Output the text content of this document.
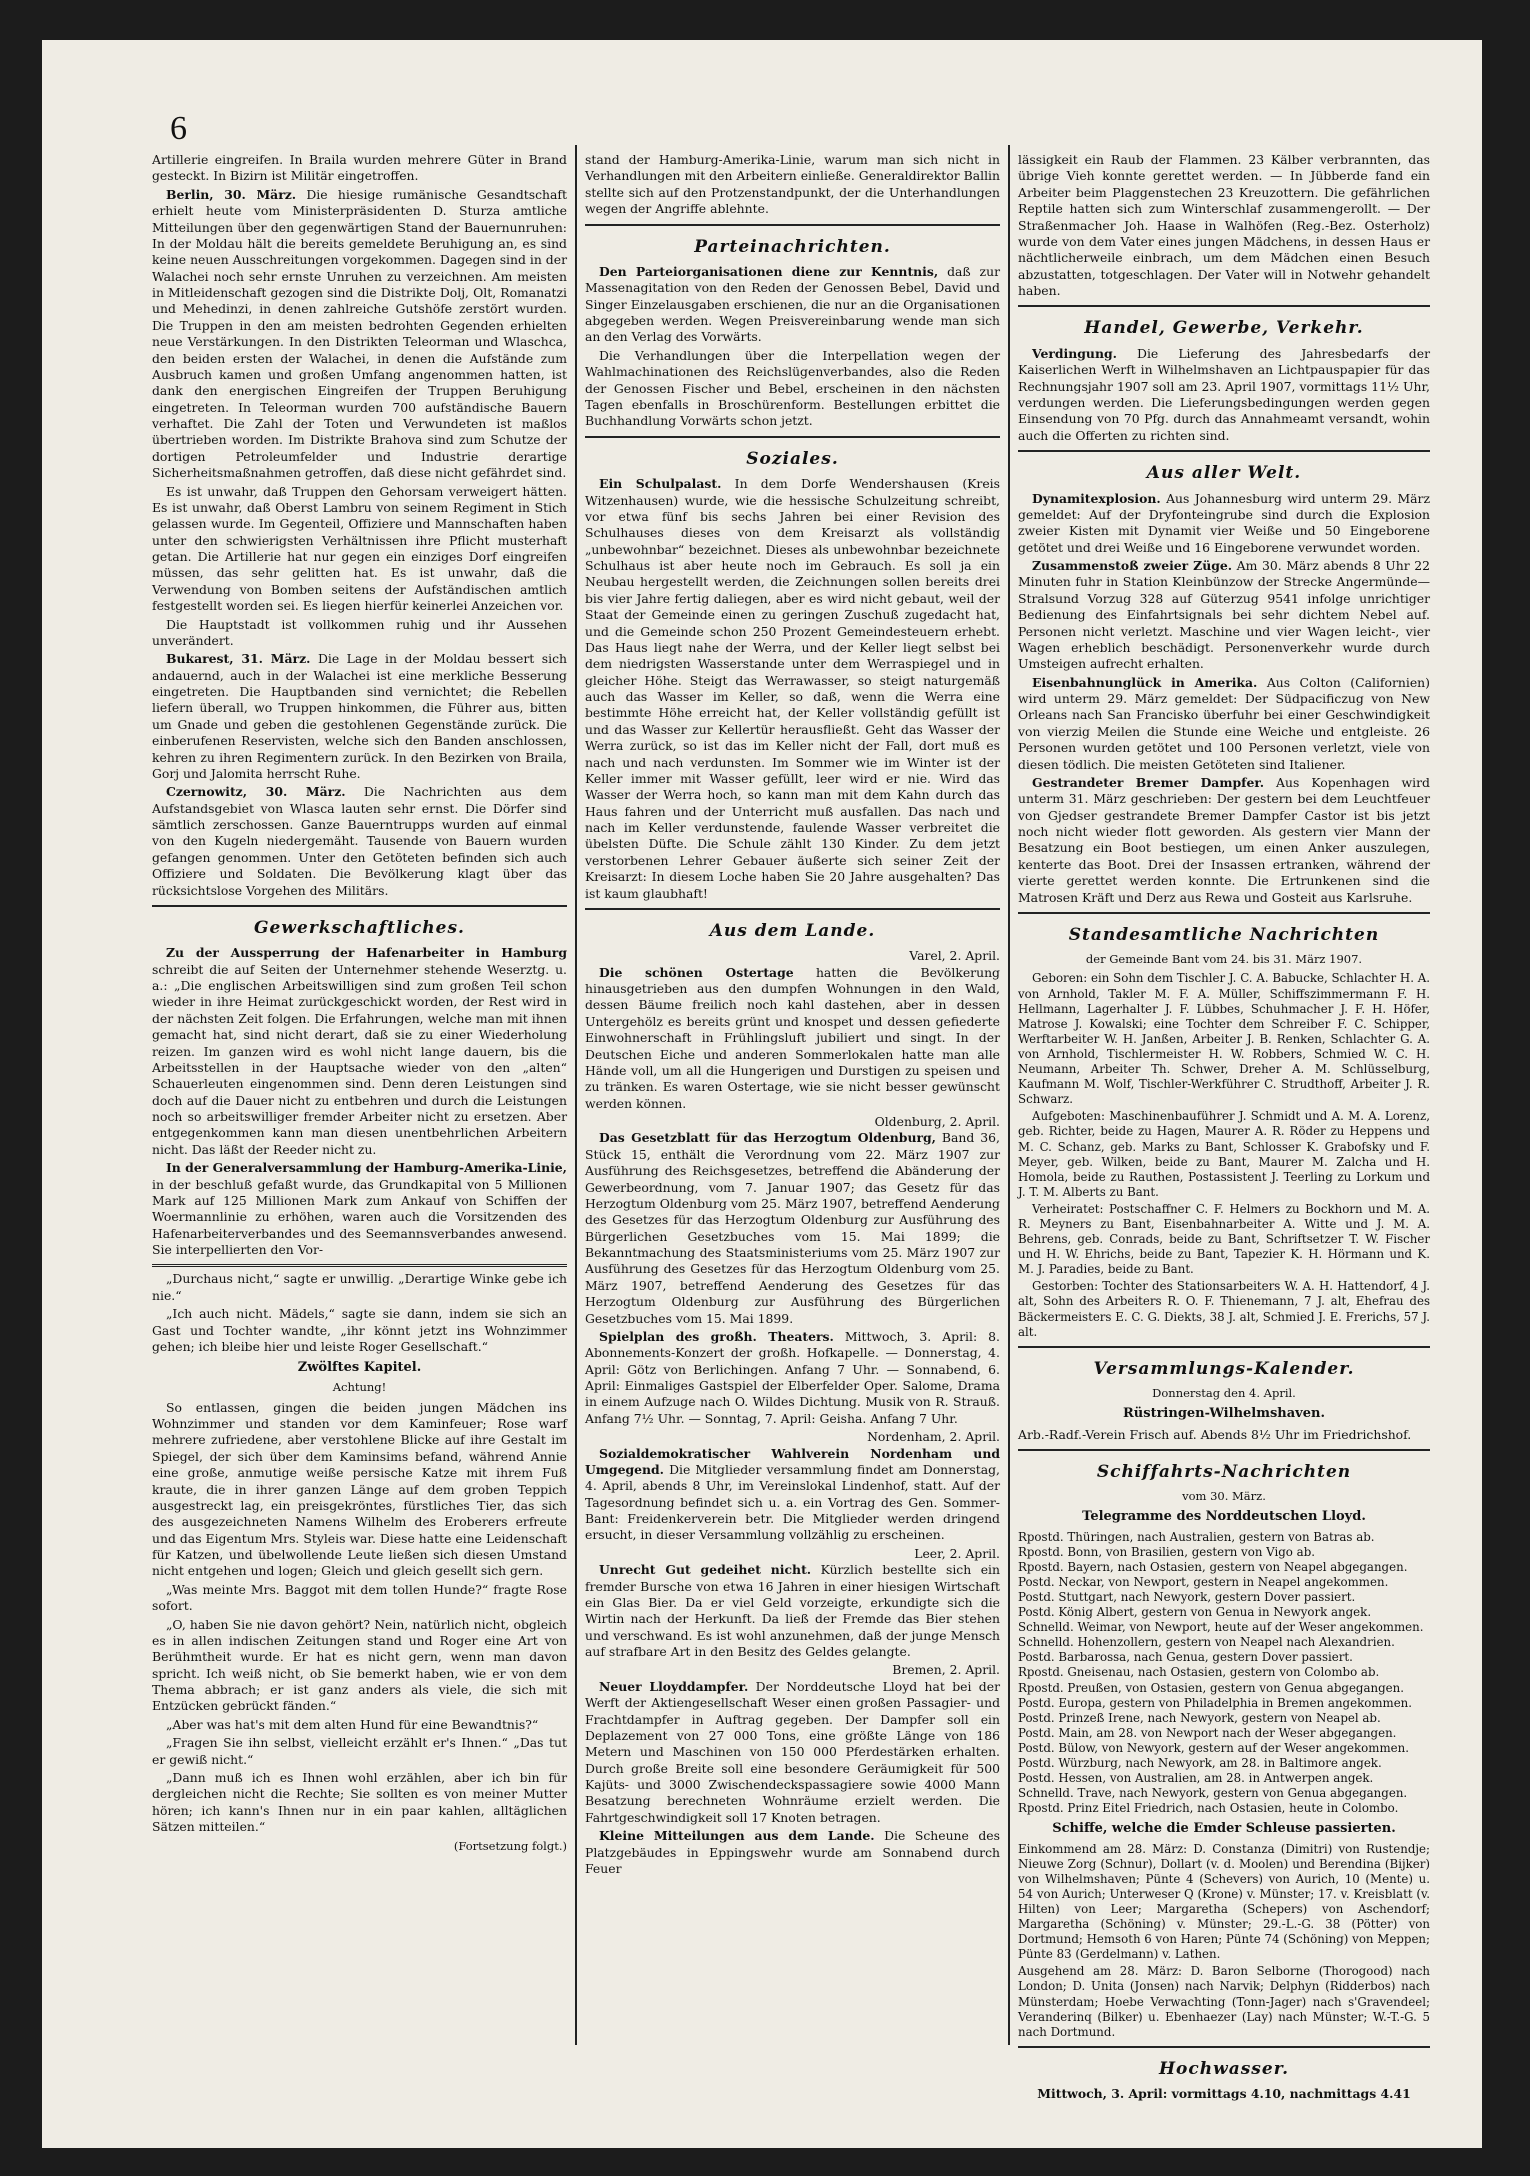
6

Artillerie eingreifen. In Braila wurden mehrere Güter in Brand gesteckt. In Bizirn ist Militär eingetroffen.

Berlin, 30. März. Die hiesige rumänische Gesandtschaft erhielt heute vom Ministerpräsidenten D. Sturza amtliche Mitteilungen über den gegenwärtigen Stand der Bauernunruhen: In der Moldau hält die bereits gemeldete Beruhigung an, es sind keine neuen Ausschreitungen vorgekommen. Dagegen sind in der Walachei noch sehr ernste Unruhen zu verzeichnen. Am meisten in Mitleidenschaft gezogen sind die Distrikte Dolj, Olt, Romanatzi und Mehedinzi, in denen zahlreiche Gutshöfe zerstört wurden. Die Truppen in den am meisten bedrohten Gegenden erhielten neue Verstärkungen. In den Distrikten Teleorman und Wlaschca, den beiden ersten der Walachei, in denen die Aufstände zum Ausbruch kamen und großen Umfang angenommen hatten, ist dank den energischen Eingreifen der Truppen Beruhigung eingetreten. In Teleorman wurden 700 aufständische Bauern verhaftet. Die Zahl der Toten und Verwundeten ist maßlos übertrieben worden. Im Distrikte Brahova sind zum Schutze der dortigen Petroleumfelder und Industrie derartige Sicherheitsmaßnahmen getroffen, daß diese nicht gefährdet sind.

Es ist unwahr, daß Truppen den Gehorsam verweigert hätten. Es ist unwahr, daß Oberst Lambru von seinem Regiment in Stich gelassen wurde. Im Gegenteil, Offiziere und Mannschaften haben unter den schwierigsten Verhältnissen ihre Pflicht musterhaft getan. Die Artillerie hat nur gegen ein einziges Dorf eingreifen müssen, das sehr gelitten hat. Es ist unwahr, daß die Verwendung von Bomben seitens der Aufständischen amtlich festgestellt worden sei. Es liegen hierfür keinerlei Anzeichen vor.

Die Hauptstadt ist vollkommen ruhig und ihr Aussehen unverändert.

Bukarest, 31. März. Die Lage in der Moldau bessert sich andauernd, auch in der Walachei ist eine merkliche Besserung eingetreten. Die Hauptbanden sind vernichtet; die Rebellen liefern überall, wo Truppen hinkommen, die Führer aus, bitten um Gnade und geben die gestohlenen Gegenstände zurück. Die einberufenen Reservisten, welche sich den Banden anschlossen, kehren zu ihren Regimentern zurück. In den Bezirken von Braila, Gorj und Jalomita herrscht Ruhe.

Czernowitz, 30. März. Die Nachrichten aus dem Aufstandsgebiet von Wlasca lauten sehr ernst. Die Dörfer sind sämtlich zerschossen. Ganze Bauerntrupps wurden auf einmal von den Kugeln niedergemäht. Tausende von Bauern wurden gefangen genommen. Unter den Getöteten befinden sich auch Offiziere und Soldaten. Die Bevölkerung klagt über das rücksichtslose Vorgehen des Militärs.

Gewerkschaftliches.

Zu der Aussperrung der Hafenarbeiter in Hamburg schreibt die auf Seiten der Unternehmer stehende Weserztg. u. a.: „Die englischen Arbeitswilligen sind zum großen Teil schon wieder in ihre Heimat zurückgeschickt worden, der Rest wird in der nächsten Zeit folgen. Die Erfahrungen, welche man mit ihnen gemacht hat, sind nicht derart, daß sie zu einer Wiederholung reizen. Im ganzen wird es wohl nicht lange dauern, bis die Arbeitsstellen in der Hauptsache wieder von den „alten“ Schauerleuten eingenommen sind. Denn deren Leistungen sind doch auf die Dauer nicht zu entbehren und durch die Leistungen noch so arbeitswilliger fremder Arbeiter nicht zu ersetzen. Aber entgegenkommen kann man diesen unentbehrlichen Arbeitern nicht. Das läßt der Reeder nicht zu.

In der Generalversammlung der Hamburg-Amerika-Linie, in der beschluß gefaßt wurde, das Grundkapital von 5 Millionen Mark auf 125 Millionen Mark zum Ankauf von Schiffen der Woermannlinie zu erhöhen, waren auch die Vorsitzenden des Hafenarbeiterverbandes und des Seemannsverbandes anwesend. Sie interpellierten den Vor-

„Durchaus nicht,“ sagte er unwillig. „Derartige Winke gebe ich nie.“

„Ich auch nicht. Mädels,“ sagte sie dann, indem sie sich an Gast und Tochter wandte, „ihr könnt jetzt ins Wohnzimmer gehen; ich bleibe hier und leiste Roger Gesellschaft.“

Zwölftes Kapitel.
Achtung!

So entlassen, gingen die beiden jungen Mädchen ins Wohnzimmer und standen vor dem Kaminfeuer; Rose warf mehrere zufriedene, aber verstohlene Blicke auf ihre Gestalt im Spiegel, der sich über dem Kaminsims befand, während Annie eine große, anmutige weiße persische Katze mit ihrem Fuß kraute, die in ihrer ganzen Länge auf dem groben Teppich ausgestreckt lag, ein preisgekröntes, fürstliches Tier, das sich des ausgezeichneten Namens Wilhelm des Eroberers erfreute und das Eigentum Mrs. Styleis war. Diese hatte eine Leidenschaft für Katzen, und übelwollende Leute ließen sich diesen Umstand nicht entgehen und logen; Gleich und gleich gesellt sich gern.

„Was meinte Mrs. Baggot mit dem tollen Hunde?“ fragte Rose sofort.

„O, haben Sie nie davon gehört? Nein, natürlich nicht, obgleich es in allen indischen Zeitungen stand und Roger eine Art von Berühmtheit wurde. Er hat es nicht gern, wenn man davon spricht. Ich weiß nicht, ob Sie bemerkt haben, wie er von dem Thema abbrach; er ist ganz anders als viele, die sich mit Entzücken gebrückt fänden.“

„Aber was hat's mit dem alten Hund für eine Bewandtnis?“

„Fragen Sie ihn selbst, vielleicht erzählt er's Ihnen.“ „Das tut er gewiß nicht.“

„Dann muß ich es Ihnen wohl erzählen, aber ich bin für dergleichen nicht die Rechte; Sie sollten es von meiner Mutter hören; ich kann's Ihnen nur in ein paar kahlen, alltäglichen Sätzen mitteilen.“

(Fortsetzung folgt.)

stand der Hamburg-Amerika-Linie, warum man sich nicht in Verhandlungen mit den Arbeitern einließe. Generaldirektor Ballin stellte sich auf den Protzenstandpunkt, der die Unterhandlungen wegen der Angriffe ablehnte.

Parteinachrichten.

Den Parteiorganisationen diene zur Kenntnis, daß zur Massenagitation von den Reden der Genossen Bebel, David und Singer Einzelausgaben erschienen, die nur an die Organisationen abgegeben werden. Wegen Preisvereinbarung wende man sich an den Verlag des Vorwärts.

Die Verhandlungen über die Interpellation wegen der Wahlmachinationen des Reichslügenverbandes, also die Reden der Genossen Fischer und Bebel, erscheinen in den nächsten Tagen ebenfalls in Broschürenform. Bestellungen erbittet die Buchhandlung Vorwärts schon jetzt.

Soziales.

Ein Schulpalast. In dem Dorfe Wendershausen (Kreis Witzenhausen) wurde, wie die hessische Schulzeitung schreibt, vor etwa fünf bis sechs Jahren bei einer Revision des Schulhauses dieses von dem Kreisarzt als vollständig „unbewohnbar“ bezeichnet. Dieses als unbewohnbar bezeichnete Schulhaus ist aber heute noch im Gebrauch. Es soll ja ein Neubau hergestellt werden, die Zeichnungen sollen bereits drei bis vier Jahre fertig daliegen, aber es wird nicht gebaut, weil der Staat der Gemeinde einen zu geringen Zuschuß zugedacht hat, und die Gemeinde schon 250 Prozent Gemeindesteuern erhebt. Das Haus liegt nahe der Werra, und der Keller liegt selbst bei dem niedrigsten Wasserstande unter dem Werraspiegel und in gleicher Höhe. Steigt das Werrawasser, so steigt naturgemäß auch das Wasser im Keller, so daß, wenn die Werra eine bestimmte Höhe erreicht hat, der Keller vollständig gefüllt ist und das Wasser zur Kellertür herausfließt. Geht das Wasser der Werra zurück, so ist das im Keller nicht der Fall, dort muß es nach und nach verdunsten. Im Sommer wie im Winter ist der Keller immer mit Wasser gefüllt, leer wird er nie. Wird das Wasser der Werra hoch, so kann man mit dem Kahn durch das Haus fahren und der Unterricht muß ausfallen. Das nach und nach im Keller verdunstende, faulende Wasser verbreitet die übelsten Düfte. Die Schule zählt 130 Kinder. Zu dem jetzt verstorbenen Lehrer Gebauer äußerte sich seiner Zeit der Kreisarzt: In diesem Loche haben Sie 20 Jahre ausgehalten? Das ist kaum glaubhaft!

Aus dem Lande.
Varel, 2. April.

Die schönen Ostertage hatten die Bevölkerung hinausgetrieben aus den dumpfen Wohnungen in den Wald, dessen Bäume freilich noch kahl dastehen, aber in dessen Untergehölz es bereits grünt und knospet und dessen gefiederte Einwohnerschaft in Frühlingsluft jubiliert und singt. In der Deutschen Eiche und anderen Sommerlokalen hatte man alle Hände voll, um all die Hungerigen und Durstigen zu speisen und zu tränken. Es waren Ostertage, wie sie nicht besser gewünscht werden können.

Oldenburg, 2. April.

Das Gesetzblatt für das Herzogtum Oldenburg, Band 36, Stück 15, enthält die Verordnung vom 22. März 1907 zur Ausführung des Reichsgesetzes, betreffend die Abänderung der Gewerbeordnung, vom 7. Januar 1907; das Gesetz für das Herzogtum Oldenburg vom 25. März 1907, betreffend Aenderung des Gesetzes für das Herzogtum Oldenburg zur Ausführung des Bürgerlichen Gesetzbuches vom 15. Mai 1899; die Bekanntmachung des Staatsministeriums vom 25. März 1907 zur Ausführung des Gesetzes für das Herzogtum Oldenburg vom 25. März 1907, betreffend Aenderung des Gesetzes für das Herzogtum Oldenburg zur Ausführung des Bürgerlichen Gesetzbuches vom 15. Mai 1899.

Spielplan des großh. Theaters. Mittwoch, 3. April: 8. Abonnements-Konzert der großh. Hofkapelle. — Donnerstag, 4. April: Götz von Berlichingen. Anfang 7 Uhr. — Sonnabend, 6. April: Einmaliges Gastspiel der Elberfelder Oper. Salome, Drama in einem Aufzuge nach O. Wildes Dichtung. Musik von R. Strauß. Anfang 7½ Uhr. — Sonntag, 7. April: Geisha. Anfang 7 Uhr.

Nordenham, 2. April.

Sozialdemokratischer Wahlverein Nordenham und Umgegend. Die Mitglieder versammlung findet am Donnerstag, 4. April, abends 8 Uhr, im Vereinslokal Lindenhof, statt. Auf der Tagesordnung befindet sich u. a. ein Vortrag des Gen. Sommer-Bant: Freidenkerverein betr. Die Mitglieder werden dringend ersucht, in dieser Versammlung vollzählig zu erscheinen.

Leer, 2. April.

Unrecht Gut gedeihet nicht. Kürzlich bestellte sich ein fremder Bursche von etwa 16 Jahren in einer hiesigen Wirtschaft ein Glas Bier. Da er viel Geld vorzeigte, erkundigte sich die Wirtin nach der Herkunft. Da ließ der Fremde das Bier stehen und verschwand. Es ist wohl anzunehmen, daß der junge Mensch auf strafbare Art in den Besitz des Geldes gelangte.

Bremen, 2. April.

Neuer Lloyddampfer. Der Norddeutsche Lloyd hat bei der Werft der Aktiengesellschaft Weser einen großen Passagier- und Frachtdampfer in Auftrag gegeben. Der Dampfer soll ein Deplazement von 27 000 Tons, eine größte Länge von 186 Metern und Maschinen von 150 000 Pferdestärken erhalten. Durch große Breite soll eine besondere Geräumigkeit für 500 Kajüts- und 3000 Zwischendeckspassagiere sowie 4000 Mann Besatzung berechneten Wohnräume erzielt werden. Die Fahrtgeschwindigkeit soll 17 Knoten betragen.

Kleine Mitteilungen aus dem Lande. Die Scheune des Platzgebäudes in Eppingswehr wurde am Sonnabend durch Feuer

lässigkeit ein Raub der Flammen. 23 Kälber verbrannten, das übrige Vieh konnte gerettet werden. — In Jübberde fand ein Arbeiter beim Plaggenstechen 23 Kreuzottern. Die gefährlichen Reptile hatten sich zum Winterschlaf zusammengerollt. — Der Straßenmacher Joh. Haase in Walhöfen (Reg.-Bez. Osterholz) wurde von dem Vater eines jungen Mädchens, in dessen Haus er nächtlicherweile einbrach, um dem Mädchen einen Besuch abzustatten, totgeschlagen. Der Vater will in Notwehr gehandelt haben.

Handel, Gewerbe, Verkehr.

Verdingung. Die Lieferung des Jahresbedarfs der Kaiserlichen Werft in Wilhelmshaven an Lichtpauspapier für das Rechnungsjahr 1907 soll am 23. April 1907, vormittags 11½ Uhr, verdungen werden. Die Lieferungsbedingungen werden gegen Einsendung von 70 Pfg. durch das Annahmeamt versandt, wohin auch die Offerten zu richten sind.

Aus aller Welt.

Dynamitexplosion. Aus Johannesburg wird unterm 29. März gemeldet: Auf der Dryfonteingrube sind durch die Explosion zweier Kisten mit Dynamit vier Weiße und 50 Eingeborene getötet und drei Weiße und 16 Eingeborene verwundet worden.

Zusammenstoß zweier Züge. Am 30. März abends 8 Uhr 22 Minuten fuhr in Station Kleinbünzow der Strecke Angermünde—Stralsund Vorzug 328 auf Güterzug 9541 infolge unrichtiger Bedienung des Einfahrtsignals bei sehr dichtem Nebel auf. Personen nicht verletzt. Maschine und vier Wagen leicht-, vier Wagen erheblich beschädigt. Personenverkehr wurde durch Umsteigen aufrecht erhalten.

Eisenbahnunglück in Amerika. Aus Colton (Californien) wird unterm 29. März gemeldet: Der Südpacificzug von New Orleans nach San Francisko überfuhr bei einer Geschwindigkeit von vierzig Meilen die Stunde eine Weiche und entgleiste. 26 Personen wurden getötet und 100 Personen verletzt, viele von diesen tödlich. Die meisten Getöteten sind Italiener.

Gestrandeter Bremer Dampfer. Aus Kopenhagen wird unterm 31. März geschrieben: Der gestern bei dem Leuchtfeuer von Gjedser gestrandete Bremer Dampfer Castor ist bis jetzt noch nicht wieder flott geworden. Als gestern vier Mann der Besatzung ein Boot bestiegen, um einen Anker auszulegen, kenterte das Boot. Drei der Insassen ertranken, während der vierte gerettet werden konnte. Die Ertrunkenen sind die Matrosen Kräft und Derz aus Rewa und Gosteit aus Karlsruhe.

Standesamtliche Nachrichten
der Gemeinde Bant vom 24. bis 31. März 1907.

Geboren: ein Sohn dem Tischler J. C. A. Babucke, Schlachter H. A. von Arnhold, Takler M. F. A. Müller, Schiffszimmermann F. H. Hellmann, Lagerhalter J. F. Lübbes, Schuhmacher J. F. H. Höfer, Matrose J. Kowalski; eine Tochter dem Schreiber F. C. Schipper, Werftarbeiter W. H. Janßen, Arbeiter J. B. Renken, Schlachter G. A. von Arnhold, Tischlermeister H. W. Robbers, Schmied W. C. H. Neumann, Arbeiter Th. Schwer, Dreher A. M. Schlüsselburg, Kaufmann M. Wolf, Tischler-Werkführer C. Strudthoff, Arbeiter J. R. Schwarz.

Aufgeboten: Maschinenbauführer J. Schmidt und A. M. A. Lorenz, geb. Richter, beide zu Hagen, Maurer A. R. Röder zu Heppens und M. C. Schanz, geb. Marks zu Bant, Schlosser K. Grabofsky und F. Meyer, geb. Wilken, beide zu Bant, Maurer M. Zalcha und H. Homola, beide zu Rauthen, Postassistent J. Teerling zu Lorkum und J. T. M. Alberts zu Bant.

Verheiratet: Postschaffner C. F. Helmers zu Bockhorn und M. A. R. Meyners zu Bant, Eisenbahnarbeiter A. Witte und J. M. A. Behrens, geb. Conrads, beide zu Bant, Schriftsetzer T. W. Fischer und H. W. Ehrichs, beide zu Bant, Tapezier K. H. Hörmann und K. M. J. Paradies, beide zu Bant.

Gestorben: Tochter des Stationsarbeiters W. A. H. Hattendorf, 4 J. alt, Sohn des Arbeiters R. O. F. Thienemann, 7 J. alt, Ehefrau des Bäckermeisters E. C. G. Diekts, 38 J. alt, Schmied J. E. Frerichs, 57 J. alt.

Versammlungs-Kalender.
Donnerstag den 4. April.
Rüstringen-Wilhelmshaven.

Arb.-Radf.-Verein Frisch auf. Abends 8½ Uhr im Friedrichshof.

Schiffahrts-Nachrichten
vom 30. März.
Telegramme des Norddeutschen Lloyd.
Rpostd. Thüringen, nach Australien, gestern von Batras ab.
Rpostd. Bonn, von Brasilien, gestern von Vigo ab.
Rpostd. Bayern, nach Ostasien, gestern von Neapel abgegangen.
Postd. Neckar, von Newport, gestern in Neapel angekommen.
Postd. Stuttgart, nach Newyork, gestern Dover passiert.
Postd. König Albert, gestern von Genua in Newyork angek.
Schnelld. Weimar, von Newport, heute auf der Weser angekommen.
Schnelld. Hohenzollern, gestern von Neapel nach Alexandrien.
Postd. Barbarossa, nach Genua, gestern Dover passiert.
Rpostd. Gneisenau, nach Ostasien, gestern von Colombo ab.
Rpostd. Preußen, von Ostasien, gestern von Genua abgegangen.
Postd. Europa, gestern von Philadelphia in Bremen angekommen.
Postd. Prinzeß Irene, nach Newyork, gestern von Neapel ab.
Postd. Main, am 28. von Newport nach der Weser abgegangen.
Postd. Bülow, von Newyork, gestern auf der Weser angekommen.
Postd. Würzburg, nach Newyork, am 28. in Baltimore angek.
Postd. Hessen, von Australien, am 28. in Antwerpen angek.
Schnelld. Trave, nach Newyork, gestern von Genua abgegangen.
Rpostd. Prinz Eitel Friedrich, nach Ostasien, heute in Colombo.
Schiffe, welche die Emder Schleuse passierten.

Einkommend am 28. März: D. Constanza (Dimitri) von Rustendje; Nieuwe Zorg (Schnur), Dollart (v. d. Moolen) und Berendina (Bijker) von Wilhelmshaven; Pünte 4 (Schevers) von Aurich, 10 (Mente) u. 54 von Aurich; Unterweser Q (Krone) v. Münster; 17. v. Kreisblatt (v. Hilten) von Leer; Margaretha (Schepers) von Aschendorf; Margaretha (Schöning) v. Münster; 29.-L.-G. 38 (Pötter) von Dortmund; Hemsoth 6 von Haren; Pünte 74 (Schöning) von Meppen; Pünte 83 (Gerdelmann) v. Lathen.

Ausgehend am 28. März: D. Baron Selborne (Thorogood) nach London; D. Unita (Jonsen) nach Narvik; Delphyn (Ridderbos) nach Münsterdam; Hoebe Verwachting (Tonn-Jager) nach s'Gravendeel; Veranderinq (Bilker) u. Ebenhaezer (Lay) nach Münster; W.-T.-G. 5 nach Dortmund.

Hochwasser.

Mittwoch, 3. April: vormittags 4.10, nachmittags 4.41
